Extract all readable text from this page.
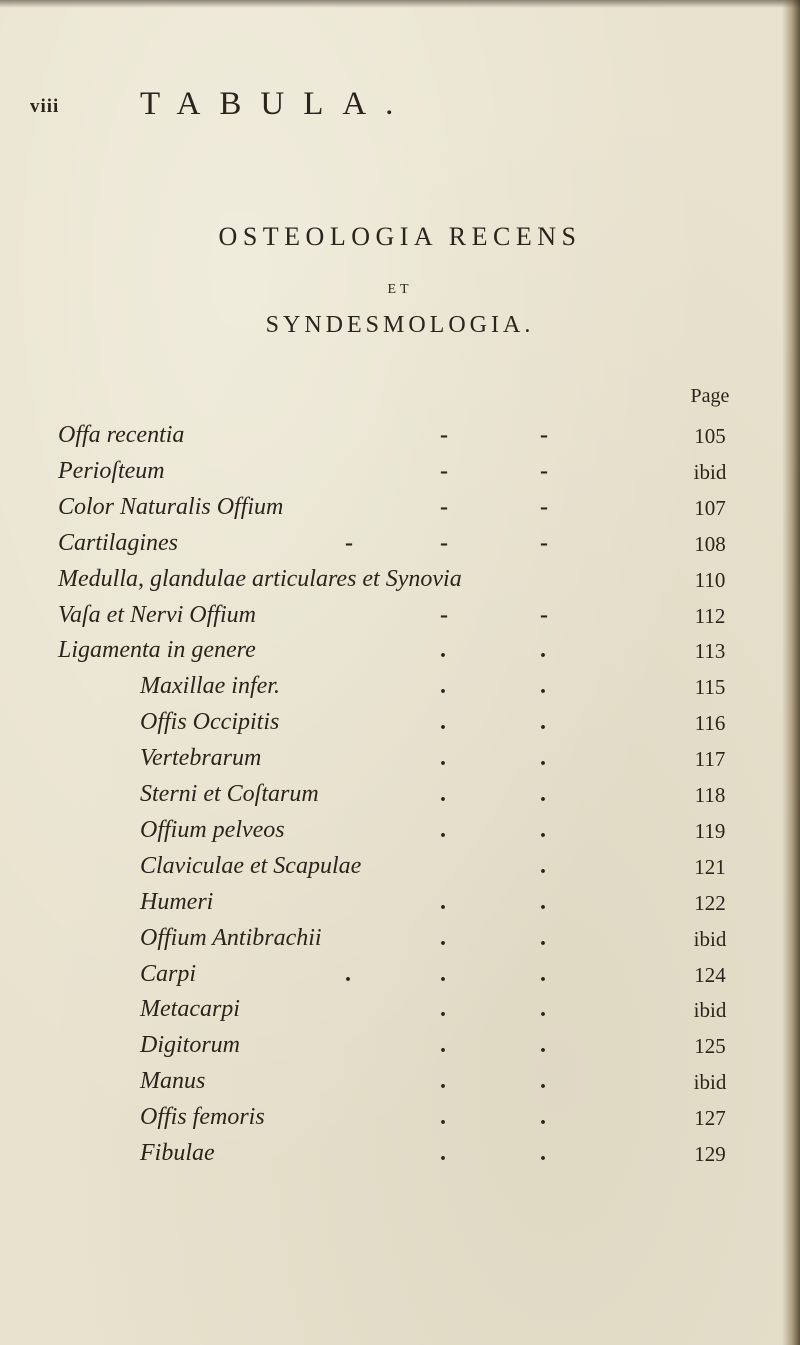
viii TABULA.
OSTEOLOGIA RECENS
ET
SYNDESMOLOGIA.
Page
Offa recentia	-	-	105
Perioſteum	-	-	ibid
Color Naturalis Offium	-	-	107
Cartilagines	-	-	-	108
Medulla, glandulae articulares et Synovia	110
Vaſa et Nervi Offium	-	-	112
Ligamenta in genere	.	.	113
Maxillae infer.	.	.	115
Offis Occipitis	.	.	116
Vertebrarum	.	.	117
Sterni et Coſtarum	.	.	118
Offium pelveos	.	.	119
Claviculae et Scapulae	.	121
Humeri	.	.	122
Offium Antibrachii	.	.	ibid
Carpi	.	.	.	124
Metacarpi	.	.	ibid
Digitorum	.	.	125
Manus	.	.	ibid
Offis femoris	.	.	127
Fibulae	.	.	129
